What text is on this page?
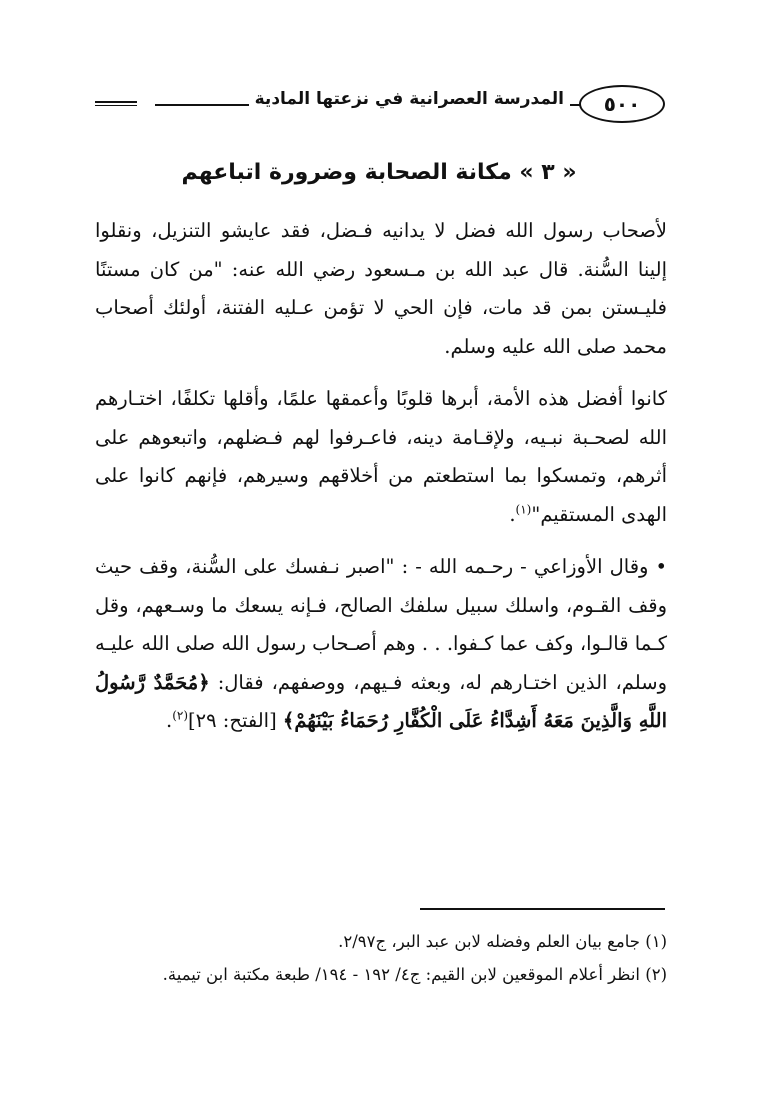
المدرسة العصرانية في نزعتها المادية	٥٠٠
« ٣ » مكانة الصحابة وضرورة اتباعهم

لأصحاب رسول الله فضل لا يدانيه فـضل، فقد عايشو التنزيل، ونقلوا إلينا السُّنة. قال عبد الله بن مـسعود رضي الله عنه: "من كان مستنًا فليـستن بمن قد مات، فإن الحي لا تؤمن عـليه الفتنة، أولئك أصحاب محمد صلى الله عليه وسلم.

كانوا أفضل هذه الأمة، أبرها قلوبًا وأعمقها علمًا، وأقلها تكلفًا، اختـارهم الله لصحـبة نبـيه، ولإقـامة دينه، فاعـرفوا لهم فـضلهم، واتبعوهم على أثرهم، وتمسكوا بما استطعتم من أخلاقهم وسيرهم، فإنهم كانوا على الهدى المستقيم"$^{(١)}$.

• وقال الأوزاعي - رحـمه الله - : "اصبر نـفسك على السُّنة، وقف حيث وقف القـوم، واسلك سبيل سلفك الصالح، فـإنه يسعك ما وسـعهم، وقل كـما قالـوا، وكف عما كـفوا. . . وهم أصـحاب رسول الله صلى الله عليـه وسلم، الذين اختـارهم له، وبعثه فـيهم، ووصفهم، فقال: ﴿مُحَمَّدٌ رَّسُولُ اللَّهِ وَالَّذِينَ مَعَهُ أَشِدَّاءُ عَلَى الْكُفَّارِ رُحَمَاءُ بَيْنَهُمْ﴾ [الفتح: ٢٩]$^{(٢)}$.

(١) جامع بيان العلم وفضله لابن عبد البر، ج٢/٩٧.
(٢) انظر أعلام الموقعين لابن القيم: ج٤/ ١٩٢ - ١٩٤/ طبعة مكتبة ابن تيمية.
